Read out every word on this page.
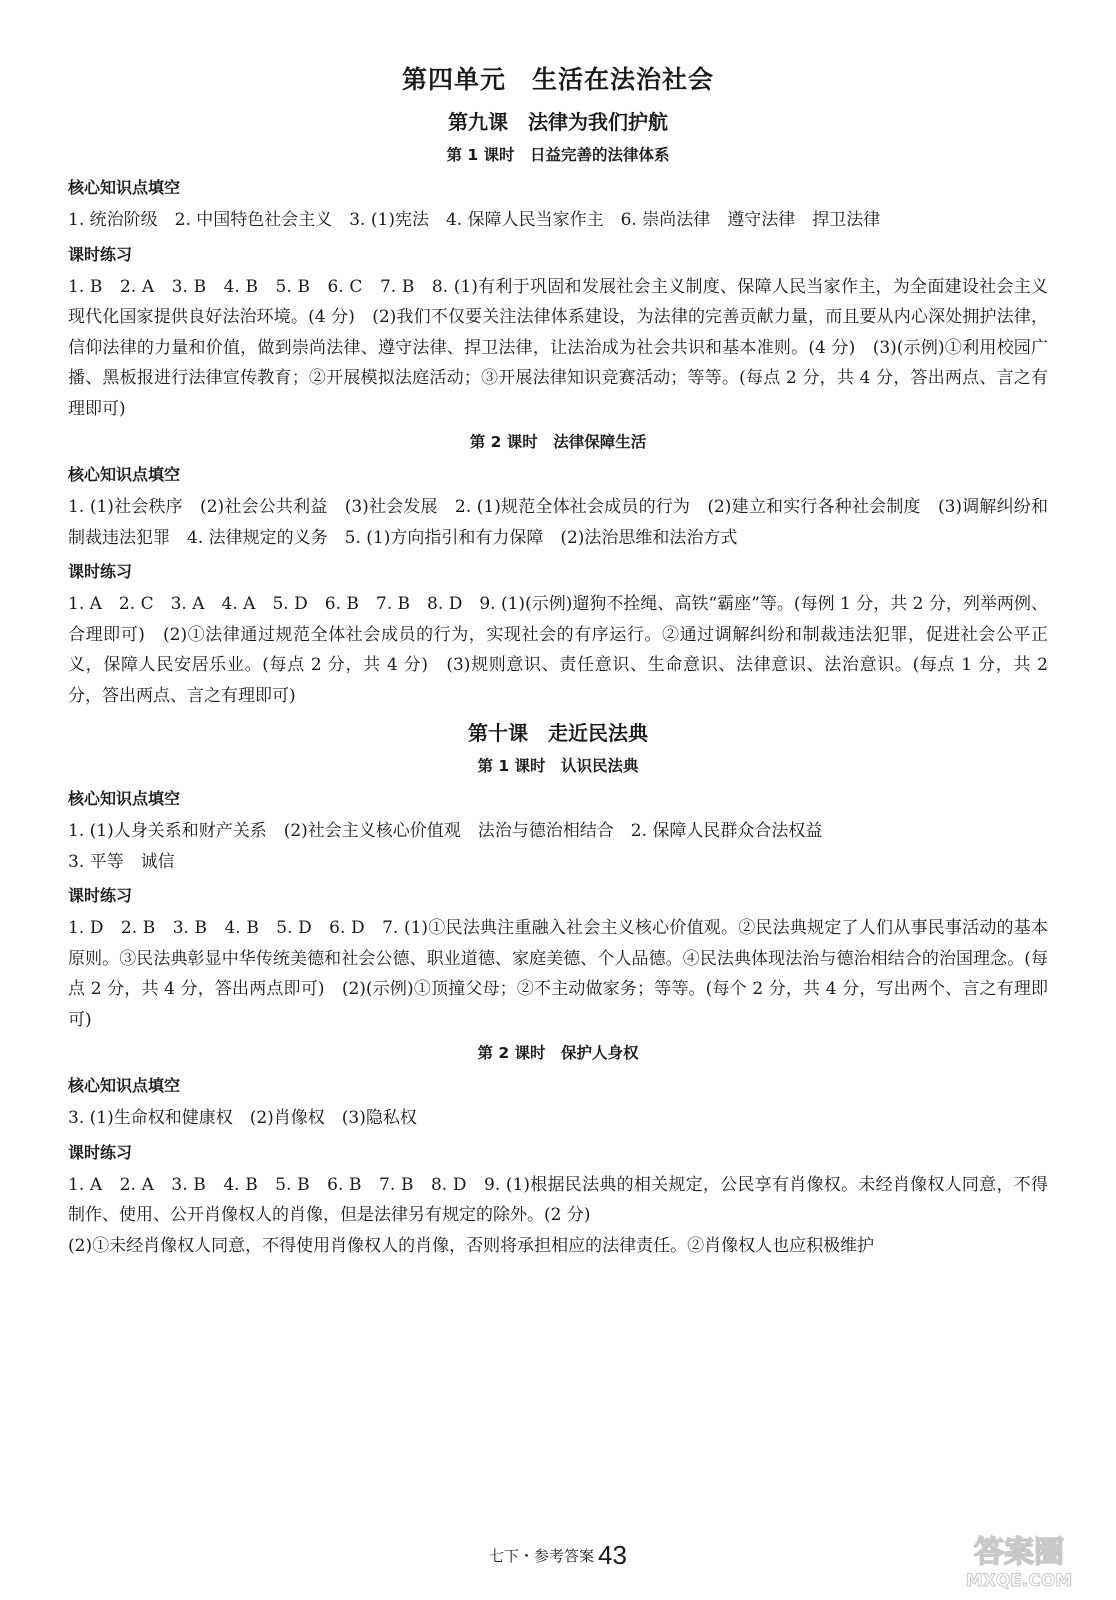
第四单元　生活在法治社会
第九课　法律为我们护航
第 1 课时　日益完善的法律体系
核心知识点填空

1. 统治阶级　2. 中国特色社会主义　3. (1)宪法　4. 保障人民当家作主　6. 崇尚法律　遵守法律　捍卫法律

课时练习

1. B　2. A　3. B　4. B　5. B　6. C　7. B　8. (1)有利于巩固和发展社会主义制度、保障人民当家作主，为全面建设社会主义现代化国家提供良好法治环境。(4 分)　(2)我们不仅要关注法律体系建设，为法律的完善贡献力量，而且要从内心深处拥护法律，信仰法律的力量和价值，做到崇尚法律、遵守法律、捍卫法律，让法治成为社会共识和基本准则。(4 分)　(3)(示例)①利用校园广播、黑板报进行法律宣传教育；②开展模拟法庭活动；③开展法律知识竞赛活动；等等。(每点 2 分，共 4 分，答出两点、言之有理即可)

第 2 课时　法律保障生活
核心知识点填空

1. (1)社会秩序　(2)社会公共利益　(3)社会发展　2. (1)规范全体社会成员的行为　(2)建立和实行各种社会制度　(3)调解纠纷和制裁违法犯罪　4. 法律规定的义务　5. (1)方向指引和有力保障　(2)法治思维和法治方式

课时练习

1. A　2. C　3. A　4. A　5. D　6. B　7. B　8. D　9. (1)(示例)遛狗不拴绳、高铁“霸座”等。(每例 1 分，共 2 分，列举两例、合理即可)　(2)①法律通过规范全体社会成员的行为，实现社会的有序运行。②通过调解纠纷和制裁违法犯罪，促进社会公平正义，保障人民安居乐业。(每点 2 分，共 4 分)　(3)规则意识、责任意识、生命意识、法律意识、法治意识。(每点 1 分，共 2 分，答出两点、言之有理即可)

第十课　走近民法典
第 1 课时　认识民法典
核心知识点填空

1. (1)人身关系和财产关系　(2)社会主义核心价值观　法治与德治相结合　2. 保障人民群众合法权益
3. 平等　诚信

课时练习

1. D　2. B　3. B　4. B　5. D　6. D　7. (1)①民法典注重融入社会主义核心价值观。②民法典规定了人们从事民事活动的基本原则。③民法典彰显中华传统美德和社会公德、职业道德、家庭美德、个人品德。④民法典体现法治与德治相结合的治国理念。(每点 2 分，共 4 分，答出两点即可)　(2)(示例)①顶撞父母；②不主动做家务；等等。(每个 2 分，共 4 分，写出两个、言之有理即可)

第 2 课时　保护人身权
核心知识点填空

3. (1)生命权和健康权　(2)肖像权　(3)隐私权

课时练习

1. A　2. A　3. B　4. B　5. B　6. B　7. B　8. D　9. (1)根据民法典的相关规定，公民享有肖像权。未经肖像权人同意，不得制作、使用、公开肖像权人的肖像，但是法律另有规定的除外。(2 分)
(2)①未经肖像权人同意，不得使用肖像权人的肖像，否则将承担相应的法律责任。②肖像权人也应积极维护

七下・参考答案 43	答案圈
MXQE.COM
